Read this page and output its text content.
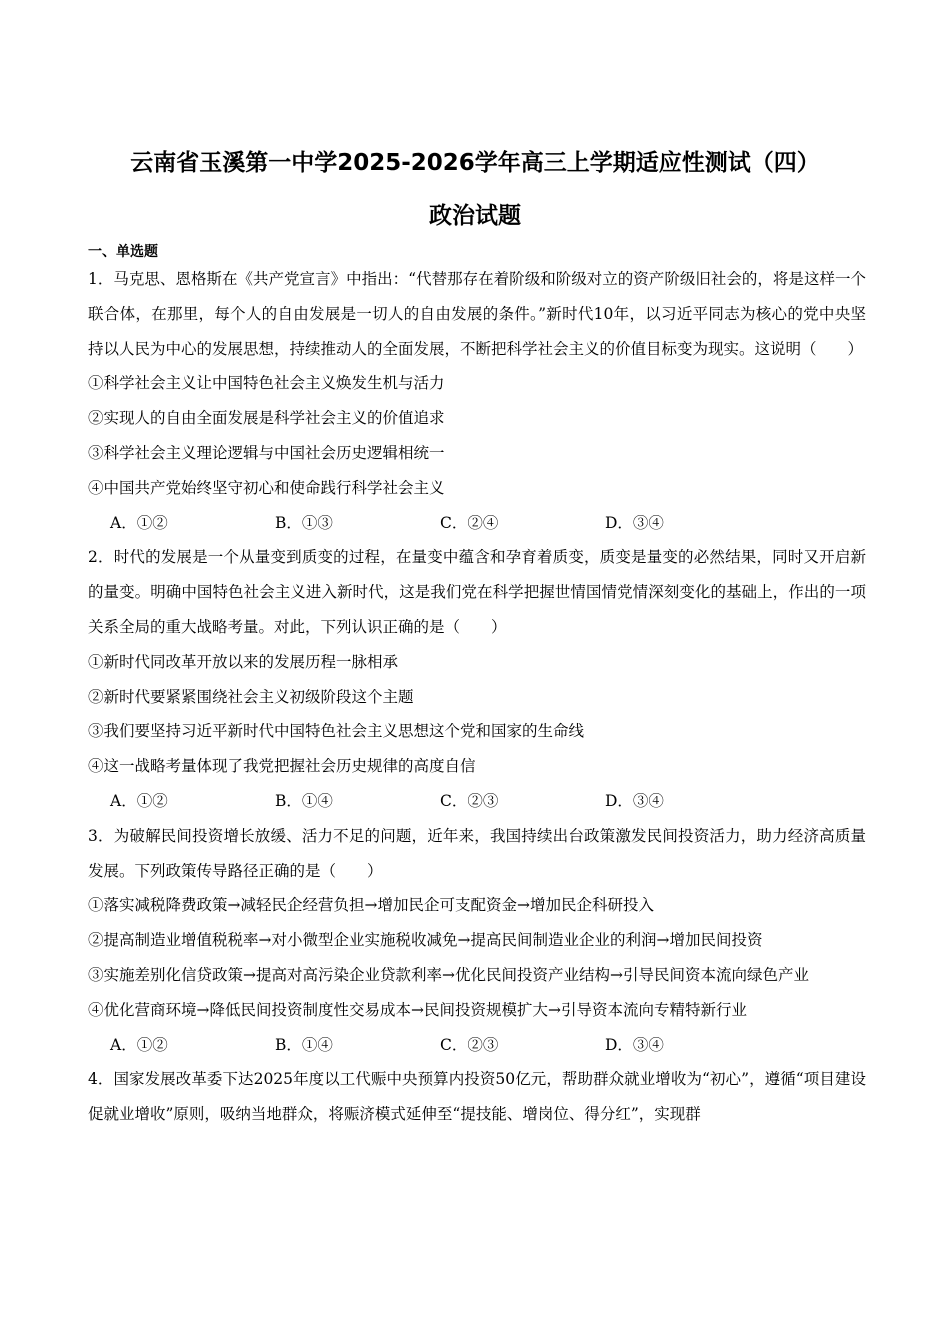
云南省玉溪第一中学2025-2026学年高三上学期适应性测试（四）
政治试题
一、单选题
1．马克思、恩格斯在《共产党宣言》中指出：“代替那存在着阶级和阶级对立的资产阶级旧社会的，将是这样一个联合体，在那里，每个人的自由发展是一切人的自由发展的条件。”新时代10年，以习近平同志为核心的党中央坚持以人民为中心的发展思想，持续推动人的全面发展，不断把科学社会主义的价值目标变为现实。这说明（　　）
①科学社会主义让中国特色社会主义焕发生机与活力
②实现人的自由全面发展是科学社会主义的价值追求
③科学社会主义理论逻辑与中国社会历史逻辑相统一
④中国共产党始终坚守初心和使命践行科学社会主义
A．①②	B．①③	C．②④	D．③④
2．时代的发展是一个从量变到质变的过程，在量变中蕴含和孕育着质变，质变是量变的必然结果，同时又开启新的量变。明确中国特色社会主义进入新时代，这是我们党在科学把握世情国情党情深刻变化的基础上，作出的一项关系全局的重大战略考量。对此，下列认识正确的是（　　）
①新时代同改革开放以来的发展历程一脉相承
②新时代要紧紧围绕社会主义初级阶段这个主题
③我们要坚持习近平新时代中国特色社会主义思想这个党和国家的生命线
④这一战略考量体现了我党把握社会历史规律的高度自信
A．①②	B．①④	C．②③	D．③④
3．为破解民间投资增长放缓、活力不足的问题，近年来，我国持续出台政策激发民间投资活力，助力经济高质量发展。下列政策传导路径正确的是（　　）
①落实减税降费政策→减轻民企经营负担→增加民企可支配资金→增加民企科研投入
②提高制造业增值税税率→对小微型企业实施税收减免→提高民间制造业企业的利润→增加民间投资
③实施差别化信贷政策→提高对高污染企业贷款利率→优化民间投资产业结构→引导民间资本流向绿色产业
④优化营商环境→降低民间投资制度性交易成本→民间投资规模扩大→引导资本流向专精特新行业
A．①②	B．①④	C．②③	D．③④
4．国家发展改革委下达2025年度以工代赈中央预算内投资50亿元，帮助群众就业增收为“初心”，遵循“项目建设促就业增收”原则，吸纳当地群众，将赈济模式延伸至“提技能、增岗位、得分红”，实现群
